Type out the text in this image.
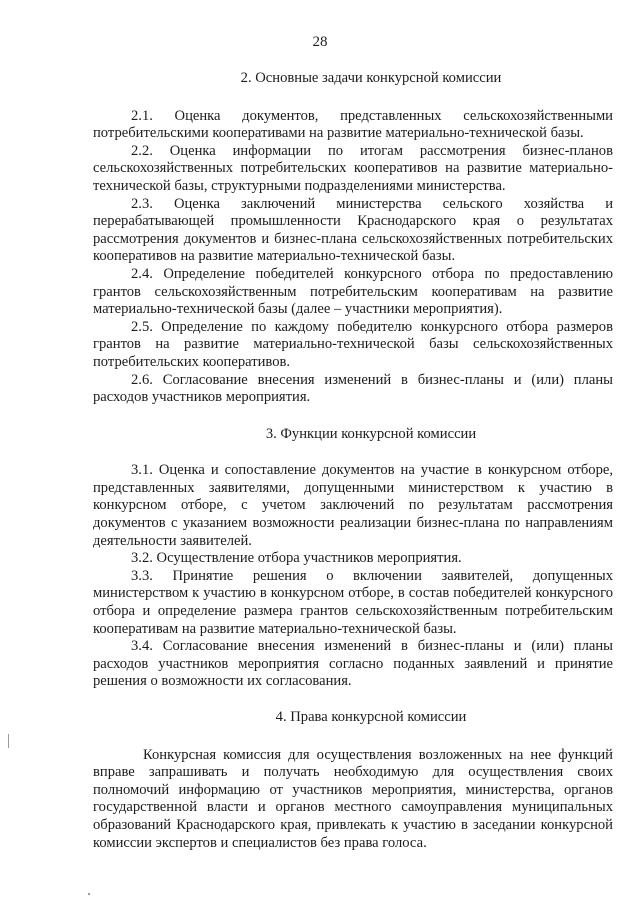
28
2. Основные задачи конкурсной комиссии

2.1. Оценка документов, представленных сельскохозяйственными потребительскими кооперативами на развитие материально-технической базы.

2.2. Оценка информации по итогам рассмотрения бизнес-планов сельскохозяйственных потребительских кооперативов на развитие материально-технической базы, структурными подразделениями министерства.

2.3. Оценка заключений министерства сельского хозяйства и перерабатывающей промышленности Краснодарского края о результатах рассмотрения документов и бизнес-плана сельскохозяйственных потребительских кооперативов на развитие материально-технической базы.

2.4. Определение победителей конкурсного отбора по предоставлению грантов сельскохозяйственным потребительским кооперативам на развитие материально-технической базы (далее – участники мероприятия).

2.5. Определение по каждому победителю конкурсного отбора размеров грантов на развитие материально-технической базы сельскохозяйственных потребительских кооперативов.

2.6. Согласование внесения изменений в бизнес-планы и (или) планы расходов участников мероприятия.

3. Функции конкурсной комиссии

3.1. Оценка и сопоставление документов на участие в конкурсном отборе, представленных заявителями, допущенными министерством к участию в конкурсном отборе, с учетом заключений по результатам рассмотрения документов с указанием возможности реализации бизнес-плана по направлениям деятельности заявителей.

3.2. Осуществление отбора участников мероприятия.

3.3. Принятие решения о включении заявителей, допущенных министерством к участию в конкурсном отборе, в состав победителей конкурсного отбора и определение размера грантов сельскохозяйственным потребительским кооперативам на развитие материально-технической базы.

3.4. Согласование внесения изменений в бизнес-планы и (или) планы расходов участников мероприятия согласно поданных заявлений и принятие решения о возможности их согласования.

4. Права конкурсной комиссии

Конкурсная комиссия для осуществления возложенных на нее функций вправе запрашивать и получать необходимую для осуществления своих полномочий информацию от участников мероприятия, министерства, органов государственной власти и органов местного самоуправления муниципальных образований Краснодарского края, привлекать к участию в заседании конкурсной комиссии экспертов и специалистов без права голоса.
